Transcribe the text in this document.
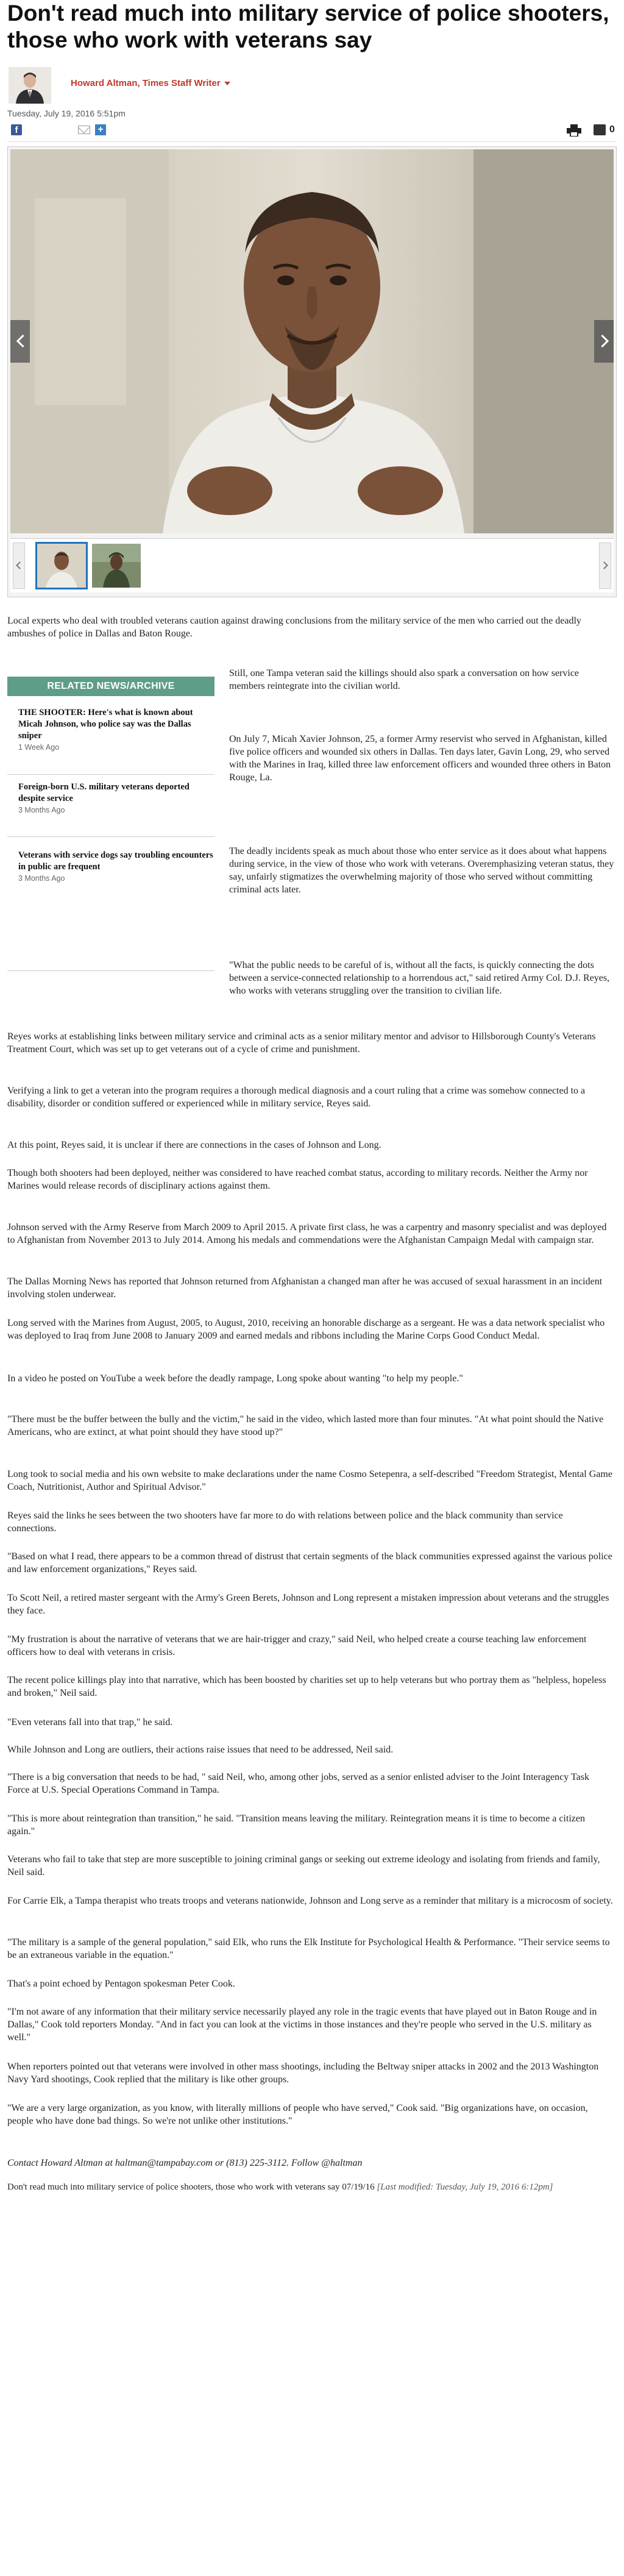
Don't read much into military service of police shooters, those who work with veterans say
Howard Altman, Times Staff Writer
Tuesday, July 19, 2016 5:51pm
f	+	0

Local experts who deal with troubled veterans caution against drawing conclusions from the military service of the men who carried out the deadly ambushes of police in Dallas and Baton Rouge.

RELATED NEWS/ARCHIVE
THE SHOOTER: Here's what is known about Micah Johnson, who police say was the Dallas sniper
1 Week Ago
Foreign-born U.S. military veterans deported despite service
3 Months Ago
Veterans with service dogs say troubling encounters in public are frequent
3 Months Ago

Still, one Tampa veteran said the killings should also spark a conversation on how service members reintegrate into the civilian world.

On July 7, Micah Xavier Johnson, 25, a former Army reservist who served in Afghanistan, killed five police officers and wounded six others in Dallas. Ten days later, Gavin Long, 29, who served with the Marines in Iraq, killed three law enforcement officers and wounded three others in Baton Rouge, La.

The deadly incidents speak as much about those who enter service as it does about what happens during service, in the view of those who work with veterans. Overemphasizing veteran status, they say, unfairly stigmatizes the overwhelming majority of those who served without committing criminal acts later.

"What the public needs to be careful of is, without all the facts, is quickly connecting the dots between a service-connected relationship to a horrendous act," said retired Army Col. D.J. Reyes, who works with veterans struggling over the transition to civilian life.

Reyes works at establishing links between military service and criminal acts as a senior military mentor and advisor to Hillsborough County's Veterans Treatment Court, which was set up to get veterans out of a cycle of crime and punishment.

Verifying a link to get a veteran into the program requires a thorough medical diagnosis and a court ruling that a crime was somehow connected to a disability, disorder or condition suffered or experienced while in military service, Reyes said.

At this point, Reyes said, it is unclear if there are connections in the cases of Johnson and Long.

Though both shooters had been deployed, neither was considered to have reached combat status, according to military records. Neither the Army nor Marines would release records of disciplinary actions against them.

Johnson served with the Army Reserve from March 2009 to April 2015. A private first class, he was a carpentry and masonry specialist and was deployed to Afghanistan from November 2013 to July 2014. Among his medals and commendations were the Afghanistan Campaign Medal with campaign star.

The Dallas Morning News has reported that Johnson returned from Afghanistan a changed man after he was accused of sexual harassment in an incident involving stolen underwear.

Long served with the Marines from August, 2005, to August, 2010, receiving an honorable discharge as a sergeant. He was a data network specialist who was deployed to Iraq from June 2008 to January 2009 and earned medals and ribbons including the Marine Corps Good Conduct Medal.

In a video he posted on YouTube a week before the deadly rampage, Long spoke about wanting "to help my people."

"There must be the buffer between the bully and the victim," he said in the video, which lasted more than four minutes. "At what point should the Native Americans, who are extinct, at what point should they have stood up?"

Long took to social media and his own website to make declarations under the name Cosmo Setepenra, a self-described "Freedom Strategist, Mental Game Coach, Nutritionist, Author and Spiritual Advisor."

Reyes said the links he sees between the two shooters have far more to do with relations between police and the black community than service connections.

"Based on what I read, there appears to be a common thread of distrust that certain segments of the black communities expressed against the various police and law enforcement organizations," Reyes said.

To Scott Neil, a retired master sergeant with the Army's Green Berets, Johnson and Long represent a mistaken impression about veterans and the struggles they face.

"My frustration is about the narrative of veterans that we are hair-trigger and crazy," said Neil, who helped create a course teaching law enforcement officers how to deal with veterans in crisis.

The recent police killings play into that narrative, which has been boosted by charities set up to help veterans but who portray them as "helpless, hopeless and broken," Neil said.

"Even veterans fall into that trap," he said.

While Johnson and Long are outliers, their actions raise issues that need to be addressed, Neil said.

"There is a big conversation that needs to be had, " said Neil, who, among other jobs, served as a senior enlisted adviser to the Joint Interagency Task Force at U.S. Special Operations Command in Tampa.

"This is more about reintegration than transition," he said. "Transition means leaving the military. Reintegration means it is time to become a citizen again."

Veterans who fail to take that step are more susceptible to joining criminal gangs or seeking out extreme ideology and isolating from friends and family, Neil said.

For Carrie Elk, a Tampa therapist who treats troops and veterans nationwide, Johnson and Long serve as a reminder that military is a microcosm of society.

"The military is a sample of the general population," said Elk, who runs the Elk Institute for Psychological Health & Performance. "Their service seems to be an extraneous variable in the equation."

That's a point echoed by Pentagon spokesman Peter Cook.

"I'm not aware of any information that their military service necessarily played any role in the tragic events that have played out in Baton Rouge and in Dallas," Cook told reporters Monday. "And in fact you can look at the victims in those instances and they're people who served in the U.S. military as well."

When reporters pointed out that veterans were involved in other mass shootings, including the Beltway sniper attacks in 2002 and the 2013 Washington Navy Yard shootings, Cook replied that the military is like other groups.

"We are a very large organization, as you know, with literally millions of people who have served," Cook said. "Big organizations have, on occasion, people who have done bad things. So we're not unlike other institutions."

Contact Howard Altman at haltman@tampabay.com or (813) 225-3112. Follow @haltman

Don't read much into military service of police shooters, those who work with veterans say 07/19/16 [Last modified: Tuesday, July 19, 2016 6:12pm]
